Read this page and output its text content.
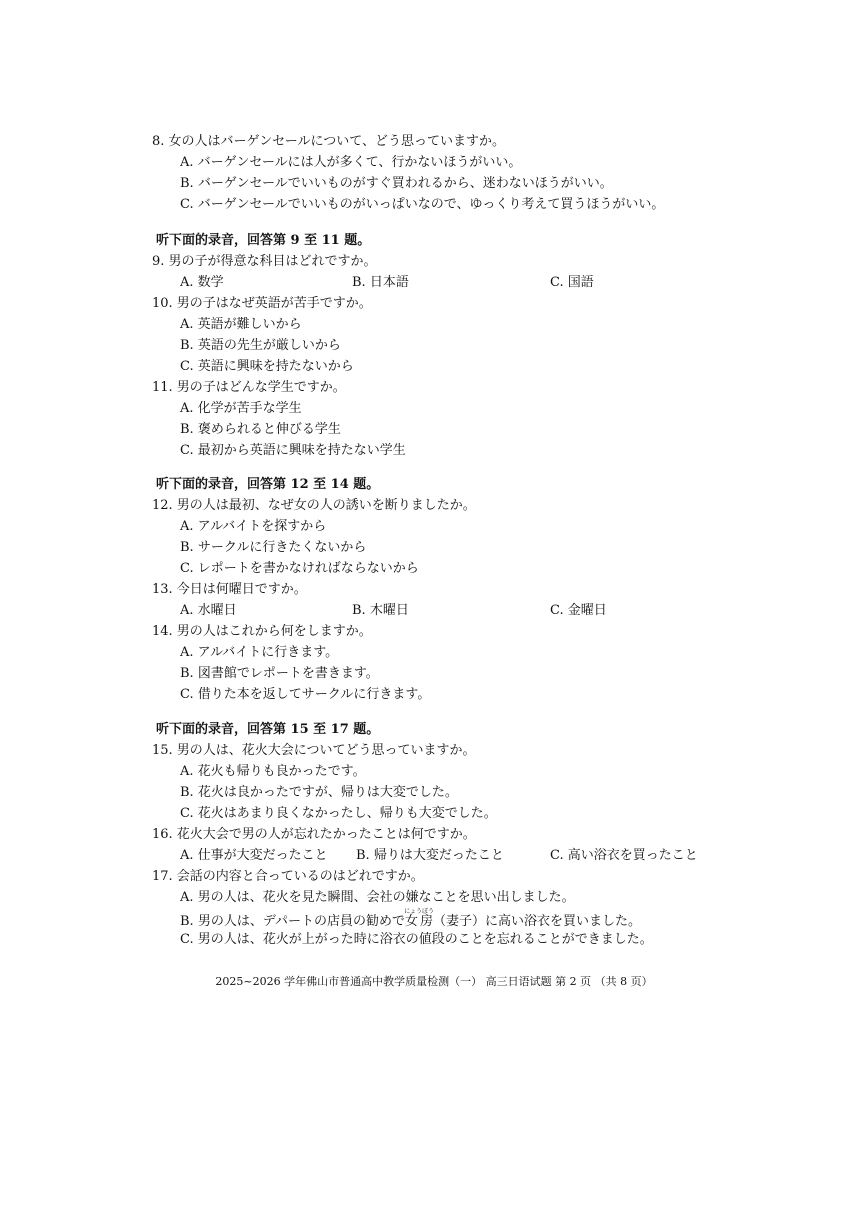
8. 女の人はバーゲンセールについて、どう思っていますか。
A. バーゲンセールには人が多くて、行かないほうがいい。
B. バーゲンセールでいいものがすぐ買われるから、迷わないほうがいい。
C. バーゲンセールでいいものがいっぱいなので、ゆっくり考えて買うほうがいい。
听下面的录音，回答第 9 至 11 题。
9. 男の子が得意な科目はどれですか。
A. 数学	B. 日本語	C. 国語
10. 男の子はなぜ英語が苦手ですか。
A. 英語が難しいから
B. 英語の先生が厳しいから
C. 英語に興味を持たないから
11. 男の子はどんな学生ですか。
A. 化学が苦手な学生
B. 褒められると伸びる学生
C. 最初から英語に興味を持たない学生
听下面的录音，回答第 12 至 14 题。
12. 男の人は最初、なぜ女の人の誘いを断りましたか。
A. アルバイトを探すから
B. サークルに行きたくないから
C. レポートを書かなければならないから
13. 今日は何曜日ですか。
A. 水曜日	B. 木曜日	C. 金曜日
14. 男の人はこれから何をしますか。
A. アルバイトに行きます。
B. 図書館でレポートを書きます。
C. 借りた本を返してサークルに行きます。
听下面的录音，回答第 15 至 17 题。
15. 男の人は、花火大会についてどう思っていますか。
A. 花火も帰りも良かったです。
B. 花火は良かったですが、帰りは大変でした。
C. 花火はあまり良くなかったし、帰りも大変でした。
16. 花火大会で男の人が忘れたかったことは何ですか。
A. 仕事が大変だったこと B. 帰りは大変だったこと	C. 高い浴衣を買ったこと
17. 会話の内容と合っているのはどれですか。
A. 男の人は、花火を見た瞬間、会社の嫌なことを思い出しました。
B. 男の人は、デパートの店員の勧めで女房にょうぼう（妻子）に高い浴衣を買いました。
C. 男の人は、花火が上がった時に浴衣の値段のことを忘れることができました。
2025~2026 学年佛山市普通高中教学质量检测（一） 高三日语试题 第 2 页 （共 8 页）
